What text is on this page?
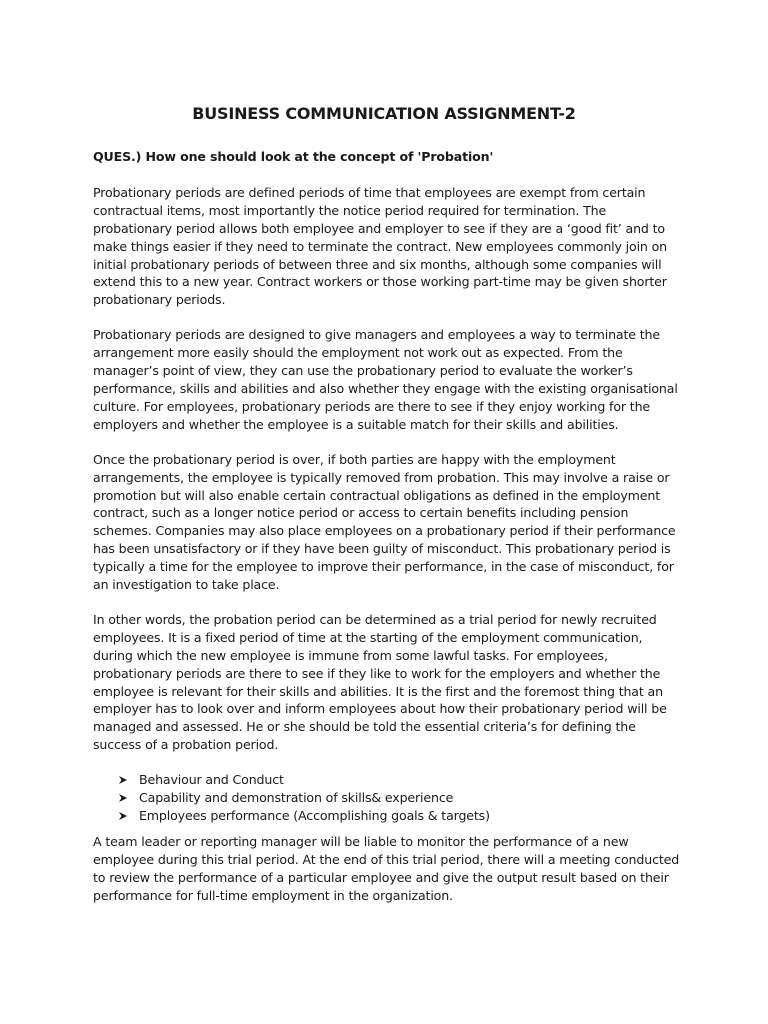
BUSINESS COMMUNICATION ASSIGNMENT-2
QUES.) How one should look at the concept of 'Probation'

Probationary periods are defined periods of time that employees are exempt from certain contractual items, most importantly the notice period required for termination. The probationary period allows both employee and employer to see if they are a ‘good fit’ and to make things easier if they need to terminate the contract. New employees commonly join on initial probationary periods of between three and six months, although some companies will extend this to a new year. Contract workers or those working part-time may be given shorter probationary periods.

Probationary periods are designed to give managers and employees a way to terminate the arrangement more easily should the employment not work out as expected. From the manager’s point of view, they can use the probationary period to evaluate the worker’s performance, skills and abilities and also whether they engage with the existing organisational culture. For employees, probationary periods are there to see if they enjoy working for the employers and whether the employee is a suitable match for their skills and abilities.

Once the probationary period is over, if both parties are happy with the employment arrangements, the employee is typically removed from probation. This may involve a raise or promotion but will also enable certain contractual obligations as defined in the employment contract, such as a longer notice period or access to certain benefits including pension schemes. Companies may also place employees on a probationary period if their performance has been unsatisfactory or if they have been guilty of misconduct. This probationary period is typically a time for the employee to improve their performance, in the case of misconduct, for an investigation to take place.

In other words, the probation period can be determined as a trial period for newly recruited employees. It is a fixed period of time at the starting of the employment communication, during which the new employee is immune from some lawful tasks. For employees, probationary periods are there to see if they like to work for the employers and whether the employee is relevant for their skills and abilities. It is the first and the foremost thing that an employer has to look over and inform employees about how their probationary period will be managed and assessed. He or she should be told the essential criteria’s for defining the success of a probation period.

Behaviour and Conduct
Capability and demonstration of skills& experience
Employees performance (Accomplishing goals & targets)

A team leader or reporting manager will be liable to monitor the performance of a new employee during this trial period. At the end of this trial period, there will a meeting conducted to review the performance of a particular employee and give the output result based on their performance for full-time employment in the organization.
